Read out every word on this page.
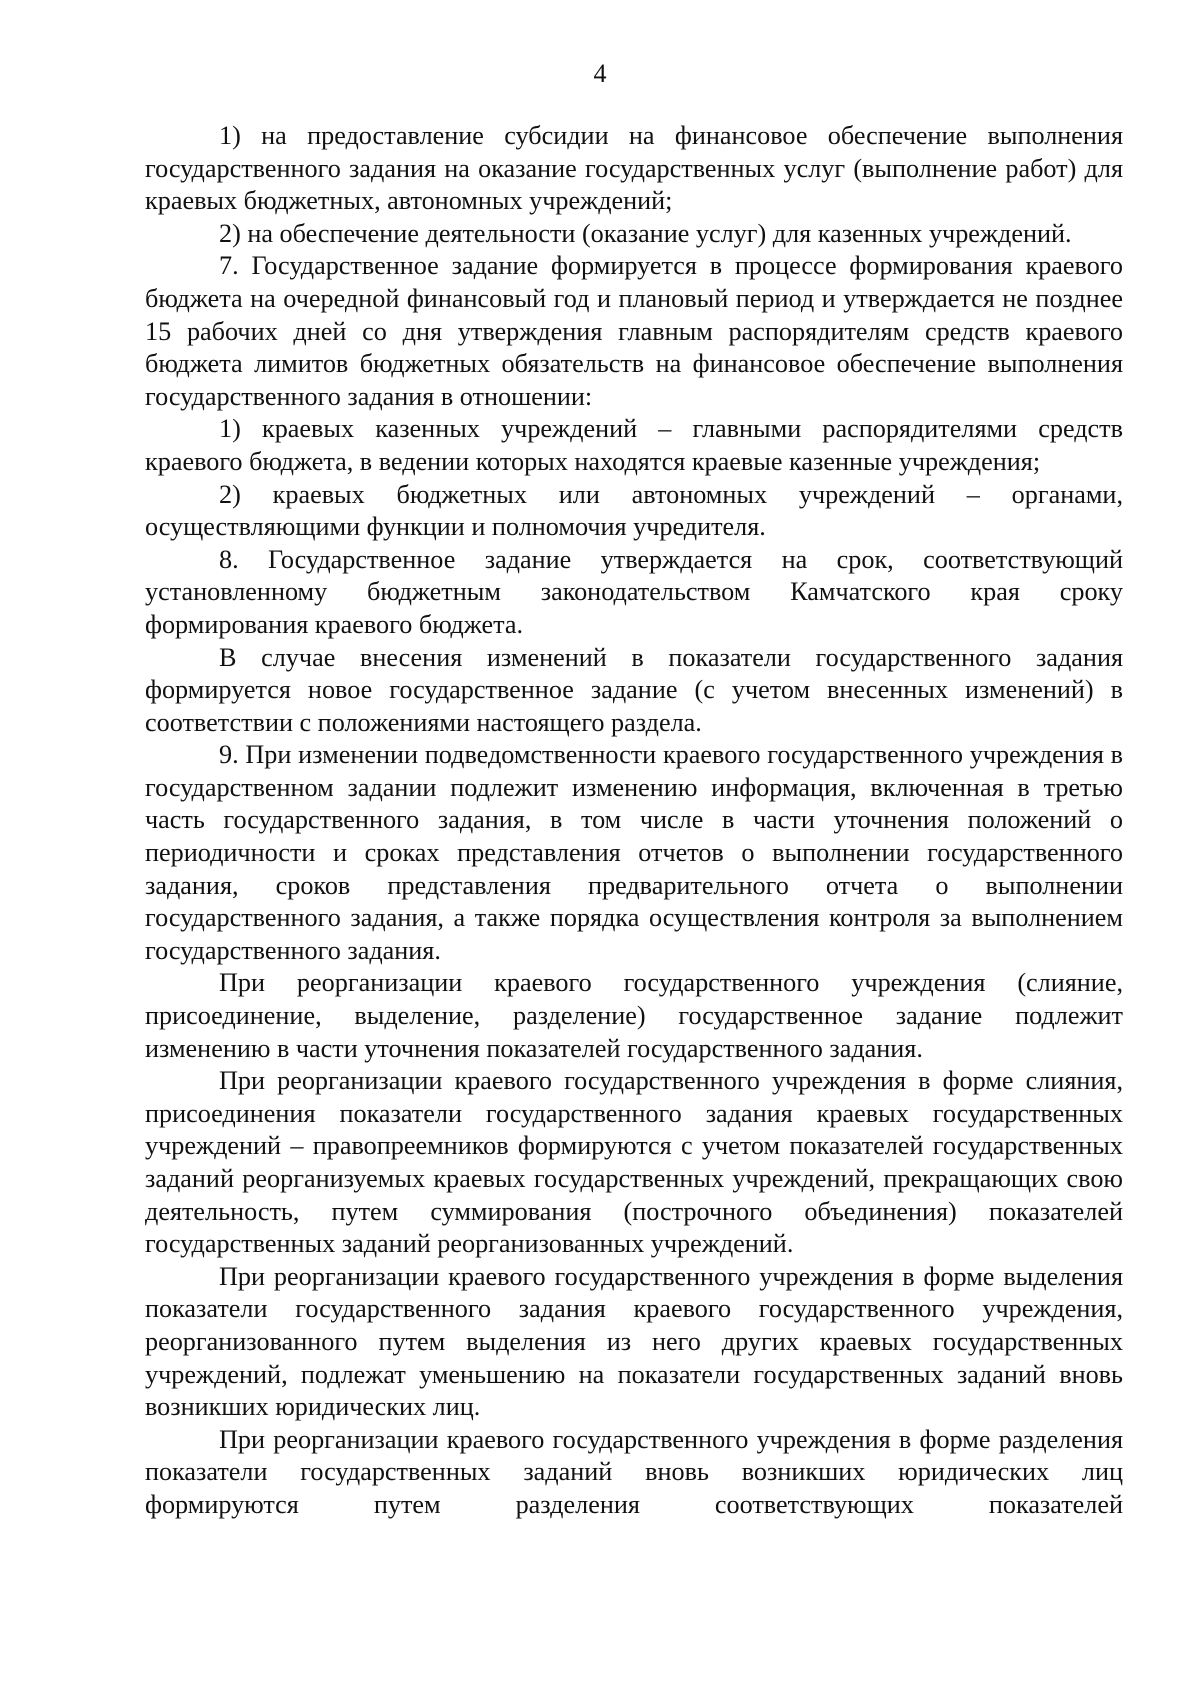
4

1) на предоставление субсидии на финансовое обеспечение выполнения государственного задания на оказание государственных услуг (выполнение работ) для краевых бюджетных, автономных учреждений;

2) на обеспечение деятельности (оказание услуг) для казенных учреждений.

7. Государственное задание формируется в процессе формирования краевого бюджета на очередной финансовый год и плановый период и утверждается не позднее 15 рабочих дней со дня утверждения главным распорядителям средств краевого бюджета лимитов бюджетных обязательств на финансовое обеспечение выполнения государственного задания в отношении:

1) краевых казенных учреждений – главными распорядителями средств краевого бюджета, в ведении которых находятся краевые казенные учреждения;

2) краевых бюджетных или автономных учреждений – органами, осуществляющими функции и полномочия учредителя.

8. Государственное задание утверждается на срок, соответствующий установленному бюджетным законодательством Камчатского края сроку формирования краевого бюджета.

В случае внесения изменений в показатели государственного задания формируется новое государственное задание (с учетом внесенных изменений) в соответствии с положениями настоящего раздела.

9. При изменении подведомственности краевого государственного учреждения в государственном задании подлежит изменению информация, включенная в третью часть государственного задания, в том числе в части уточнения положений о периодичности и сроках представления отчетов о выполнении государственного задания, сроков представления предварительного отчета о выполнении государственного задания, а также порядка осуществления контроля за выполнением государственного задания.

При реорганизации краевого государственного учреждения (слияние, присоединение, выделение, разделение) государственное задание подлежит изменению в части уточнения показателей государственного задания.

При реорганизации краевого государственного учреждения в форме слияния, присоединения показатели государственного задания краевых государственных учреждений – правопреемников формируются с учетом показателей государственных заданий реорганизуемых краевых государственных учреждений, прекращающих свою деятельность, путем суммирования (построчного объединения) показателей государственных заданий реорганизованных учреждений.

При реорганизации краевого государственного учреждения в форме выделения показатели государственного задания краевого государственного учреждения, реорганизованного путем выделения из него других краевых государственных учреждений, подлежат уменьшению на показатели государственных заданий вновь возникших юридических лиц.

При реорганизации краевого государственного учреждения в форме разделения показатели государственных заданий вновь возникших юридических лиц формируются путем разделения соответствующих показателей
